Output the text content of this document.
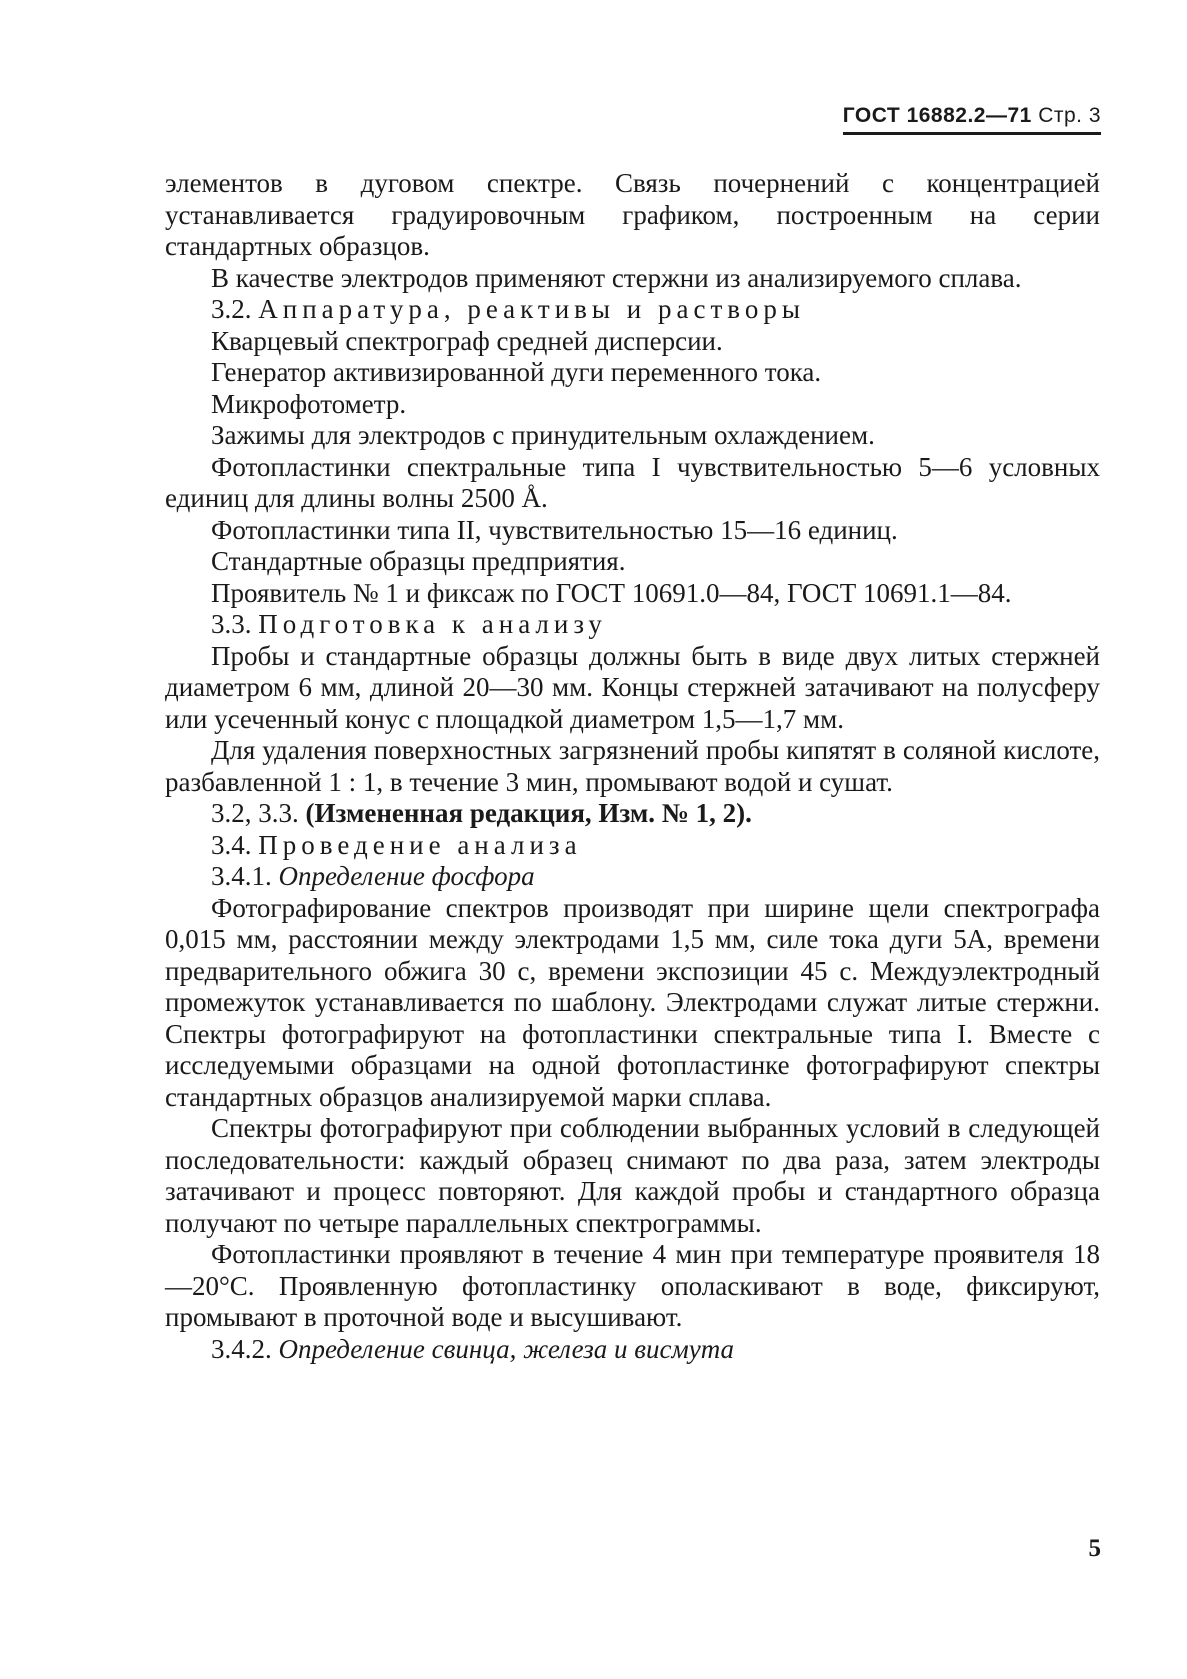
ГОСТ 16882.2—71 Стр. 3

элементов в дуговом спектре. Связь почернений с концентрацией устанавливается градуировочным графиком, построенным на серии стандартных образцов.

В качестве электродов применяют стержни из анализируемого сплава.

3.2. Аппаратура, реактивы и растворы

Кварцевый спектрограф средней дисперсии.

Генератор активизированной дуги переменного тока.

Микрофотометр.

Зажимы для электродов с принудительным охлаждением.

Фотопластинки спектральные типа I чувствительностью 5—6 условных единиц для длины волны 2500 Å.

Фотопластинки типа II, чувствительностью 15—16 единиц.

Стандартные образцы предприятия.

Проявитель № 1 и фиксаж по ГОСТ 10691.0—84, ГОСТ 10691.1—84.

3.3. Подготовка к анализу

Пробы и стандартные образцы должны быть в виде двух литых стержней диаметром 6 мм, длиной 20—30 мм. Концы стержней затачивают на полусферу или усеченный конус с площадкой диаметром 1,5—1,7 мм.

Для удаления поверхностных загрязнений пробы кипятят в соляной кислоте, разбавленной 1 : 1, в течение 3 мин, промывают водой и сушат.

3.2, 3.3. (Измененная редакция, Изм. № 1, 2).

3.4. Проведение анализа

3.4.1. Определение фосфора

Фотографирование спектров производят при ширине щели спектрографа 0,015 мм, расстоянии между электродами 1,5 мм, силе тока дуги 5А, времени предварительного обжига 30 с, времени экспозиции 45 с. Междуэлектродный промежуток устанавливается по шаблону. Электродами служат литые стержни. Спектры фотографируют на фотопластинки спектральные типа I. Вместе с исследуемыми образцами на одной фотопластинке фотографируют спектры стандартных образцов анализируемой марки сплава.

Спектры фотографируют при соблюдении выбранных условий в следующей последовательности: каждый образец снимают по два раза, затем электроды затачивают и процесс повторяют. Для каждой пробы и стандартного образца получают по четыре параллельных спектрограммы.

Фотопластинки проявляют в течение 4 мин при температуре проявителя 18—20°С. Проявленную фотопластинку ополаскивают в воде, фиксируют, промывают в проточной воде и высушивают.

3.4.2. Определение свинца, железа и висмута

5
